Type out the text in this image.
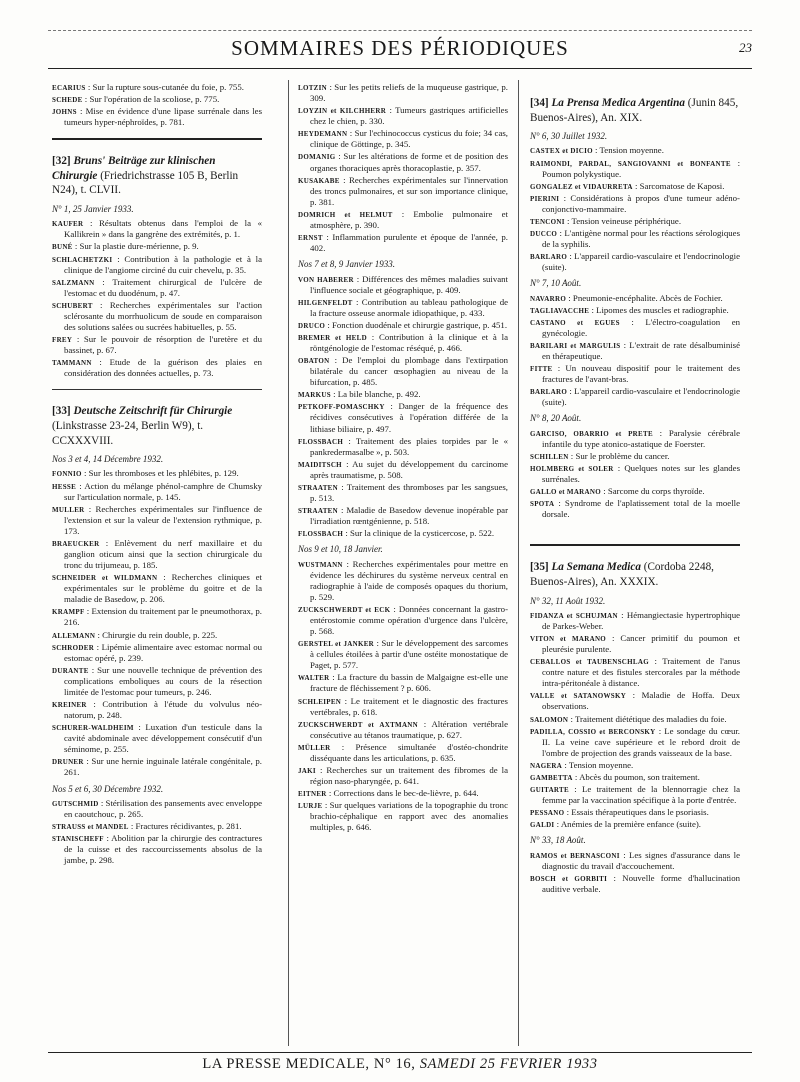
SOMMAIRES DES PÉRIODIQUES	23
ECARIUS : Sur la rupture sous-cutanée du foie, p. 755.
SCHEDE : Sur l'opération de la scoliose, p. 775.
JOHNS : Mise en évidence d'une lipase surrénale dans les tumeurs hyper-néphroïdes, p. 781.
[32] Bruns' Beiträge zur klinischen Chirurgie (Friedrichstrasse 105 B, Berlin N24), t. CLVII.
N° 1, 25 Janvier 1933.
KAUFER : Résultats obtenus dans l'emploi de la « Kallikrein » dans la gangrène des extrémités, p. 1.
BUNÉ : Sur la plastie dure-mérienne, p. 9.
SCHLACHETZKI : Contribution à la pathologie et à la clinique de l'angiome circiné du cuir chevelu, p. 35.
SALZMANN : Traitement chirurgical de l'ulcère de l'estomac et du duodénum, p. 47.
SCHUBERT : Recherches expérimentales sur l'action sclérosante du morrhuolicum de soude en comparaison des solutions salées ou sucrées habituelles, p. 55.
FREY : Sur le pouvoir de résorption de l'uretère et du bassinet, p. 67.
TAMMANN : Etude de la guérison des plaies en considération des données actuelles, p. 73.
[33] Deutsche Zeitschrift für Chirurgie (Linkstrasse 23-24, Berlin W9), t. CCXXXVIII.
Nos 3 et 4, 14 Décembre 1932.
FONNIO : Sur les thromboses et les phlébites, p. 129.
HESSE : Action du mélange phénol-camphre de Chumsky sur l'articulation normale, p. 145.
MULLER : Recherches expérimentales sur l'influence de l'extension et sur la valeur de l'extension rythmique, p. 173.
BRAEUCKER : Enlèvement du nerf maxillaire et du ganglion oticum ainsi que la section chirurgicale du tronc du trijumeau, p. 185.
SCHNEIDER et WILDMANN : Recherches cliniques et expérimentales sur le problème du goitre et de la maladie de Basedow, p. 206.
KRAMPF : Extension du traitement par le pneumothorax, p. 216.
ALLEMANN : Chirurgie du rein double, p. 225.
SCHRODER : Lipémie alimentaire avec estomac normal ou estomac opéré, p. 239.
DURANTE : Sur une nouvelle technique de prévention des complications emboliques au cours de la résection limitée de l'estomac pour tumeurs, p. 246.
KREINER : Contribution à l'étude du volvulus néo-natorum, p. 248.
SCHURER-WALDHEIM : Luxation d'un testicule dans la cavité abdominale avec développement consécutif d'un séminome, p. 255.
DRUNER : Sur une hernie inguinale latérale congénitale, p. 261.
Nos 5 et 6, 30 Décembre 1932.
GUTSCHMID : Stérilisation des pansements avec enveloppe en caoutchouc, p. 265.
STRAUSS et MANDEL : Fractures récidivantes, p. 281.
STANISCHEFF : Abolition par la chirurgie des contractures de la cuisse et des raccourcissements absolus de la jambe, p. 298.
LOTZIN : Sur les petits reliefs de la muqueuse gastrique, p. 309.
LOYZIN et KILCHHERR : Tumeurs gastriques artificielles chez le chien, p. 330.
HEYDEMANN : Sur l'echinococcus cysticus du foie; 34 cas, clinique de Göttinge, p. 345.
DOMANIG : Sur les altérations de forme et de position des organes thoraciques après thoracoplastie, p. 357.
KUSAKABE : Recherches expérimentales sur l'innervation des troncs pulmonaires, et sur son importance clinique, p. 381.
DOMRICH et HELMUT : Embolie pulmonaire et atmosphère, p. 390.
ERNST : Inflammation purulente et époque de l'année, p. 402.
Nos 7 et 8, 9 Janvier 1933.
VON HABERER : Différences des mêmes maladies suivant l'influence sociale et géographique, p. 409.
HILGENFELDT : Contribution au tableau pathologique de la fracture osseuse anormale idiopathique, p. 433.
DRUCO : Fonction duodénale et chirurgie gastrique, p. 451.
BREMER et HELD : Contribution à la clinique et à la röntgénologie de l'estomac réséqué, p. 466.
OBATON : De l'emploi du plombage dans l'extirpation bilatérale du cancer œsophagien au niveau de la bifurcation, p. 485.
MARKUS : La bile blanche, p. 492.
PETKOFF-POMASCHKY : Danger de la fréquence des récidives consécutives à l'opération différée de la lithiase biliaire, p. 497.
FLOSSBACH : Traitement des plaies torpides par le « pankredermasalbe », p. 503.
MAIDITSCH : Au sujet du développement du carcinome après traumatisme, p. 508.
STRAATEN : Traitement des thromboses par les sangsues, p. 513.
STRAATEN : Maladie de Basedow devenue inopérable par l'irradiation rœntgénienne, p. 518.
FLOSSBACH : Sur la clinique de la cysticercose, p. 522.
Nos 9 et 10, 18 Janvier.
WUSTMANN : Recherches expérimentales pour mettre en évidence les déchirures du système nerveux central en radiographie à l'aide de composés opaques du thorium, p. 529.
ZUCKSCHWERDT et ECK : Données concernant la gastro-entérostomie comme opération d'urgence dans l'ulcère, p. 568.
GERSTEL et JANKER : Sur le développement des sarcomes à cellules étoilées à partir d'une ostéite monostatique de Paget, p. 577.
WALTER : La fracture du bassin de Malgaigne est-elle une fracture de fléchissement ? p. 606.
SCHLEIPEN : Le traitement et le diagnostic des fractures vertébrales, p. 618.
ZUCKSCHWERDT et AXTMANN : Altération vertébrale consécutive au tétanos traumatique, p. 627.
MÜLLER : Présence simultanée d'ostéo-chondrite disséquante dans les articulations, p. 635.
JAKI : Recherches sur un traitement des fibromes de la région naso-pharyngée, p. 641.
EITNER : Corrections dans le bec-de-lièvre, p. 644.
LURJE : Sur quelques variations de la topographie du tronc brachio-céphalique en rapport avec des anomalies multiples, p. 646.
[34] La Prensa Medica Argentina (Junin 845, Buenos-Aires), An. XIX.
N° 6, 30 Juillet 1932.
CASTEX et DICIO : Tension moyenne.
RAIMONDI, PARDAL, SANGIOVANNI et BONFANTE : Poumon polykystique.
GONGALEZ et VIDAURRETA : Sarcomatose de Kaposi.
PIERINI : Considérations à propos d'une tumeur adéno-conjonctivo-mammaire.
TENCONI : Tension veineuse périphérique.
DUCCO : L'antigène normal pour les réactions sérologiques de la syphilis.
BARLARO : L'appareil cardio-vasculaire et l'endocrinologie (suite).
N° 7, 10 Août.
NAVARRO : Pneumonie-encéphalite. Abcès de Fochier.
TAGLIAVACCHE : Lipomes des muscles et radiographie.
CASTANO et EGUES : L'électro-coagulation en gynécologie.
BARILARI et MARGULIS : L'extrait de rate désalbuminisé en thérapeutique.
FITTE : Un nouveau dispositif pour le traitement des fractures de l'avant-bras.
BARLARO : L'appareil cardio-vasculaire et l'endocrinologie (suite).
N° 8, 20 Août.
GARCISO, OBARRIO et PRETE : Paralysie cérébrale infantile du type atonico-astatique de Foerster.
SCHILLEN : Sur le problème du cancer.
HOLMBERG et SOLER : Quelques notes sur les glandes surrénales.
GALLO et MARANO : Sarcome du corps thyroïde.
SPOTA : Syndrome de l'aplatissement total de la moelle dorsale.
[35] La Semana Medica (Cordoba 2248, Buenos-Aires), An. XXXIX.
N° 32, 11 Août 1932.
FIDANZA et SCHUJMAN : Hémangiectasie hypertrophique de Parkes-Weber.
VITON et MARANO : Cancer primitif du poumon et pleurésie purulente.
CEBALLOS et TAUBENSCHLAG : Traitement de l'anus contre nature et des fistules stercorales par la méthode intra-péritonéale à distance.
VALLE et SATANOWSKY : Maladie de Hoffa. Deux observations.
SALOMON : Traitement diététique des maladies du foie.
PADILLA, COSSIO et BERCONSKY : Le sondage du cœur. II. La veine cave supérieure et le rebord droit de l'ombre de projection des grands vaisseaux de la base.
NAGERA : Tension moyenne.
GAMBETTA : Abcès du poumon, son traitement.
GUITARTE : Le traitement de la blennorragie chez la femme par la vaccination spécifique à la porte d'entrée.
PESSANO : Essais thérapeutiques dans le psoriasis.
GALDI : Anémies de la première enfance (suite).
N° 33, 18 Août.
RAMOS et BERNASCONI : Les signes d'assurance dans le diagnostic du travail d'accouchement.
BOSCH et GORBITI : Nouvelle forme d'hallucination auditive verbale.
LA PRESSE MEDICALE, N° 16, SAMEDI 25 FEVRIER 1933
